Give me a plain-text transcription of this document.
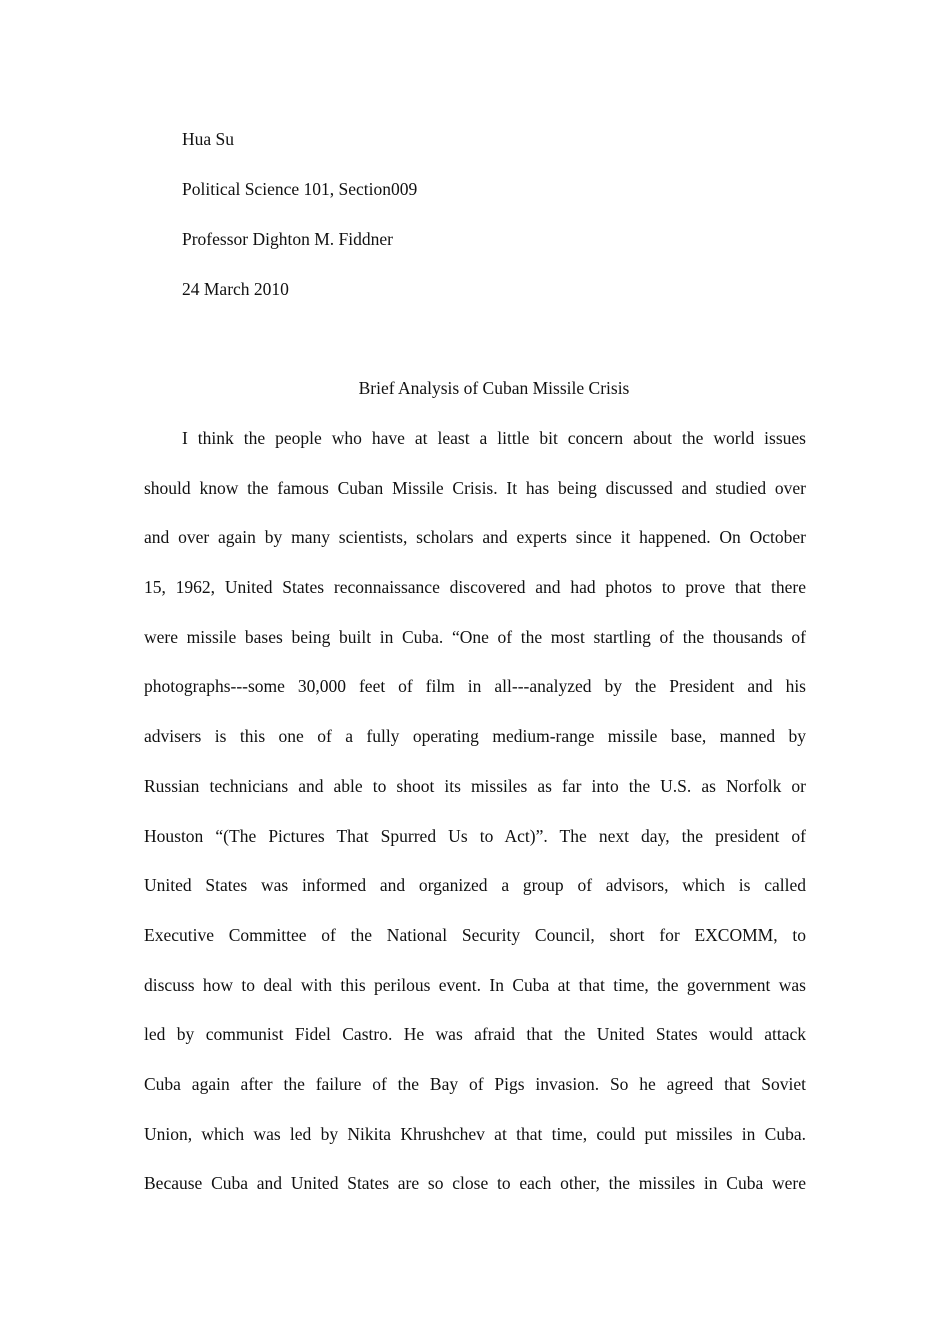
Hua Su
Political Science 101, Section009
Professor Dighton M. Fiddner
24 March 2010
Brief Analysis of Cuban Missile Crisis
I think the people who have at least a little bit concern about the world issues
should know the famous Cuban Missile Crisis. It has being discussed and studied over
and over again by many scientists, scholars and experts since it happened. On October
15, 1962, United States reconnaissance discovered and had photos to prove that there
were missile bases being built in Cuba. “One of the most startling of the thousands of
photographs---some 30,000 feet of film in all---analyzed by the President and his
advisers is this one of a fully operating medium-range missile base, manned by
Russian technicians and able to shoot its missiles as far into the U.S. as Norfolk or
Houston “(The Pictures That Spurred Us to Act)”. The next day, the president of
United States was informed and organized a group of advisors, which is called
Executive Committee of the National Security Council, short for EXCOMM, to
discuss how to deal with this perilous event. In Cuba at that time, the government was
led by communist Fidel Castro. He was afraid that the United States would attack
Cuba again after the failure of the Bay of Pigs invasion. So he agreed that Soviet
Union, which was led by Nikita Khrushchev at that time, could put missiles in Cuba.
Because Cuba and United States are so close to each other, the missiles in Cuba were
